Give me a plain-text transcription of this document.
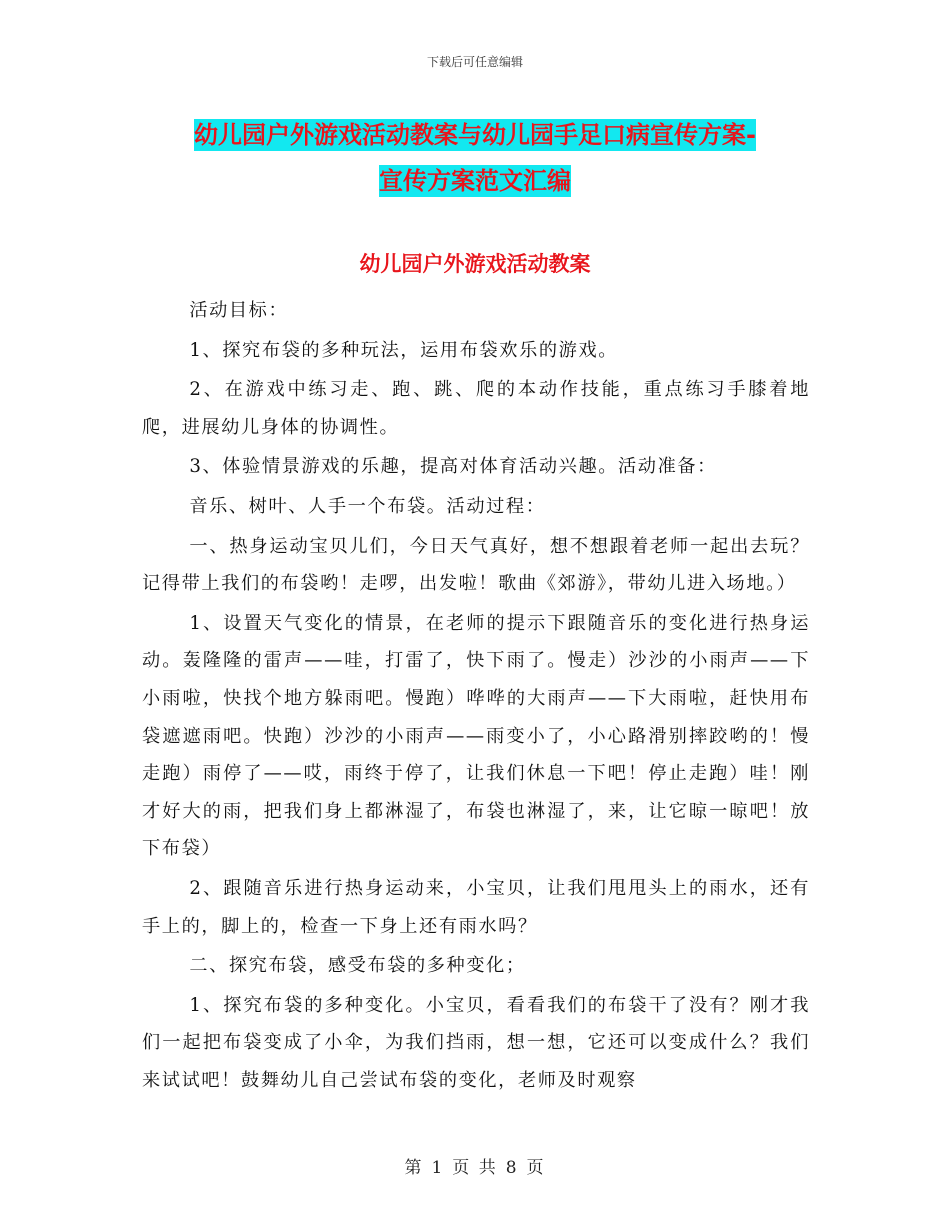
下载后可任意编辑
幼儿园户外游戏活动教案与幼儿园手足口病宣传方案-
宣传方案范文汇编
幼儿园户外游戏活动教案

活动目标：

1、探究布袋的多种玩法，运用布袋欢乐的游戏。

2、在游戏中练习走、跑、跳、爬的本动作技能，重点练习手膝着地爬，进展幼儿身体的协调性。

3、体验情景游戏的乐趣，提高对体育活动兴趣。活动准备：

音乐、树叶、人手一个布袋。活动过程：

一、热身运动宝贝儿们，今日天气真好，想不想跟着老师一起出去玩？记得带上我们的布袋哟！走啰，出发啦！歌曲《郊游》，带幼儿进入场地。）

1、设置天气变化的情景，在老师的提示下跟随音乐的变化进行热身运动。轰隆隆的雷声——哇，打雷了，快下雨了。慢走）沙沙的小雨声——下小雨啦，快找个地方躲雨吧。慢跑）哗哗的大雨声——下大雨啦，赶快用布袋遮遮雨吧。快跑）沙沙的小雨声——雨变小了，小心路滑别摔跤哟的！慢走跑）雨停了——哎，雨终于停了，让我们休息一下吧！停止走跑）哇！刚才好大的雨，把我们身上都淋湿了，布袋也淋湿了，来，让它晾一晾吧！放下布袋）

2、跟随音乐进行热身运动来，小宝贝，让我们甩甩头上的雨水，还有手上的，脚上的，检查一下身上还有雨水吗？

二、探究布袋，感受布袋的多种变化；

1、探究布袋的多种变化。小宝贝，看看我们的布袋干了没有？刚才我们一起把布袋变成了小伞，为我们挡雨，想一想，它还可以变成什么？我们来试试吧！鼓舞幼儿自己尝试布袋的变化，老师及时观察

第 1 页 共 8 页
